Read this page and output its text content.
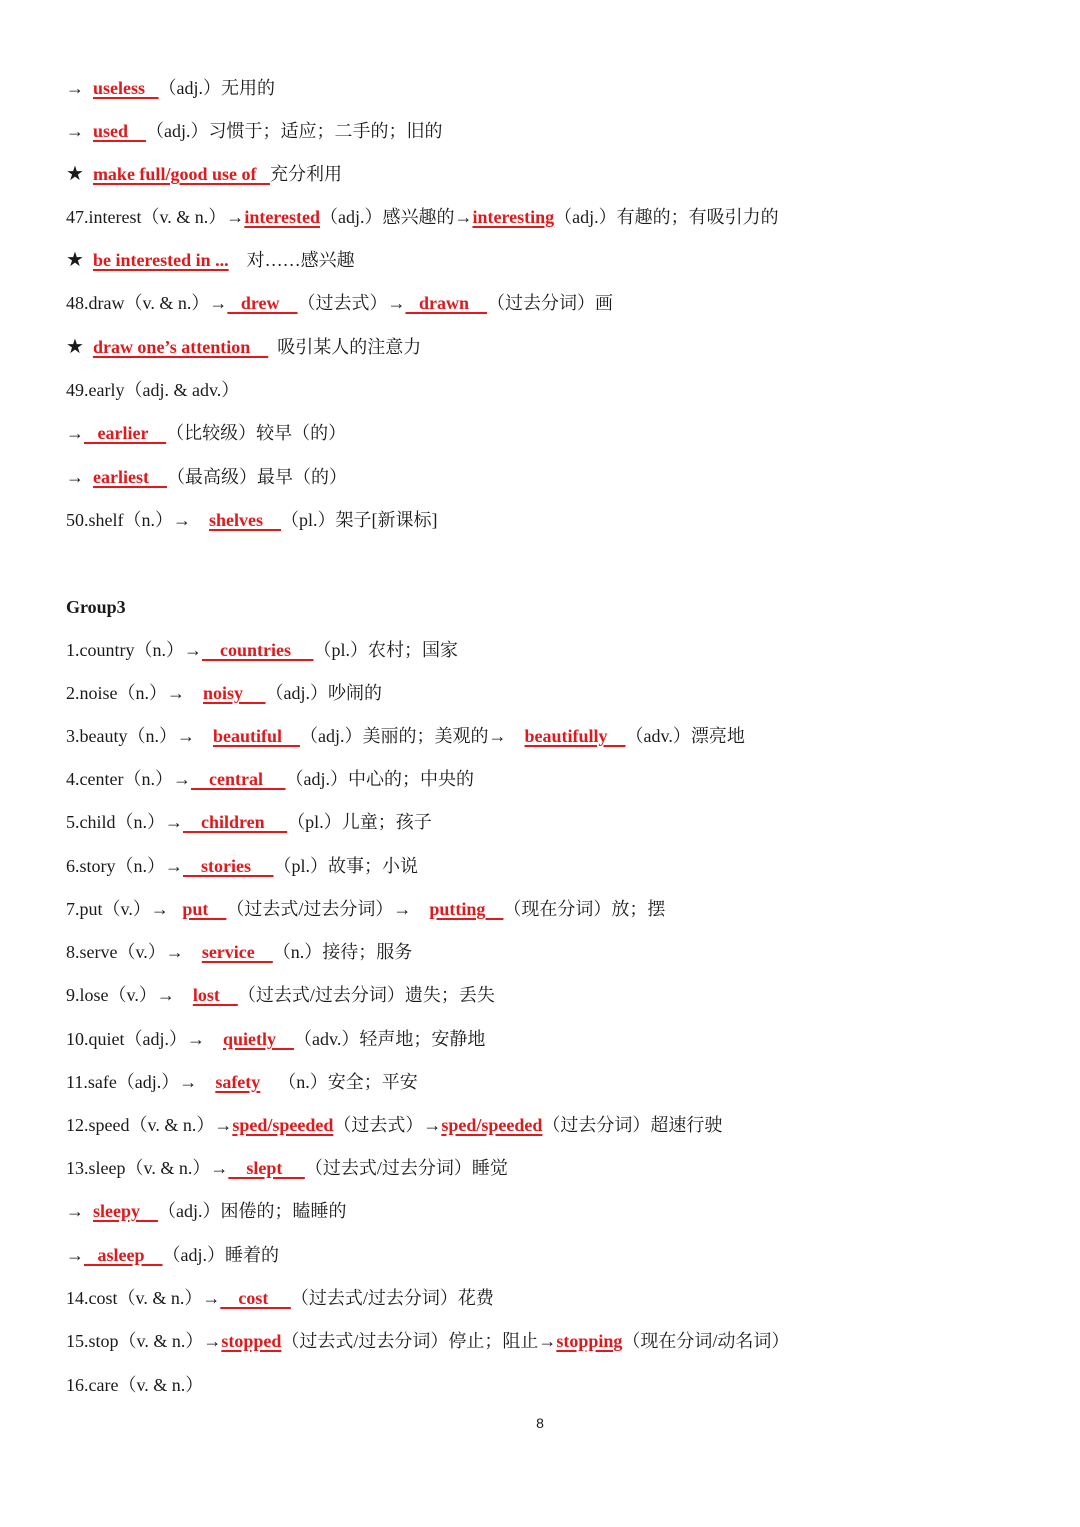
→  useless   （adj.）无用的
→  used    （adj.）习惯于；适应；二手的；旧的
★ make full/good use of   充分利用
47.interest（v. & n.）→interested（adj.）感兴趣的→interesting（adj.）有趣的；有吸引力的
★ be interested in ...    对……感兴趣
48.draw（v. & n.）→   drew    （过去式）→   drawn    （过去分词）画
★ draw one’s attention      吸引某人的注意力
49.early（adj. & adv.）
→   earlier    （比较级）较早（的）
→  earliest    （最高级）最早（的）
50.shelf（n.）→    shelves    （pl.）架子[新课标]
Group3
1.country（n.）→    countries     （pl.）农村；国家
2.noise（n.）→    noisy     （adj.）吵闹的
3.beauty（n.）→    beautiful    （adj.）美丽的；美观的→    beautifully    （adv.）漂亮地
4.center（n.）→    central     （adj.）中心的；中央的
5.child（n.）→    children     （pl.）儿童；孩子
6.story（n.）→    stories     （pl.）故事；小说
7.put（v.）→   put    （过去式/过去分词）→    putting    （现在分词）放；摆
8.serve（v.）→    service    （n.）接待；服务
9.lose（v.）→    lost    （过去式/过去分词）遗失；丢失
10.quiet（adj.）→    quietly    （adv.）轻声地；安静地
11.safe（adj.）→    safety    （n.）安全；平安
12.speed（v. & n.）→sped/speeded（过去式）→sped/speeded（过去分词）超速行驶
13.sleep（v. & n.）→    slept     （过去式/过去分词）睡觉
→  sleepy    （adj.）困倦的；瞌睡的
→   asleep    （adj.）睡着的
14.cost（v. & n.）→    cost     （过去式/过去分词）花费
15.stop（v. & n.）→stopped（过去式/过去分词）停止；阻止→stopping（现在分词/动名词）
16.care（v. & n.）
8
